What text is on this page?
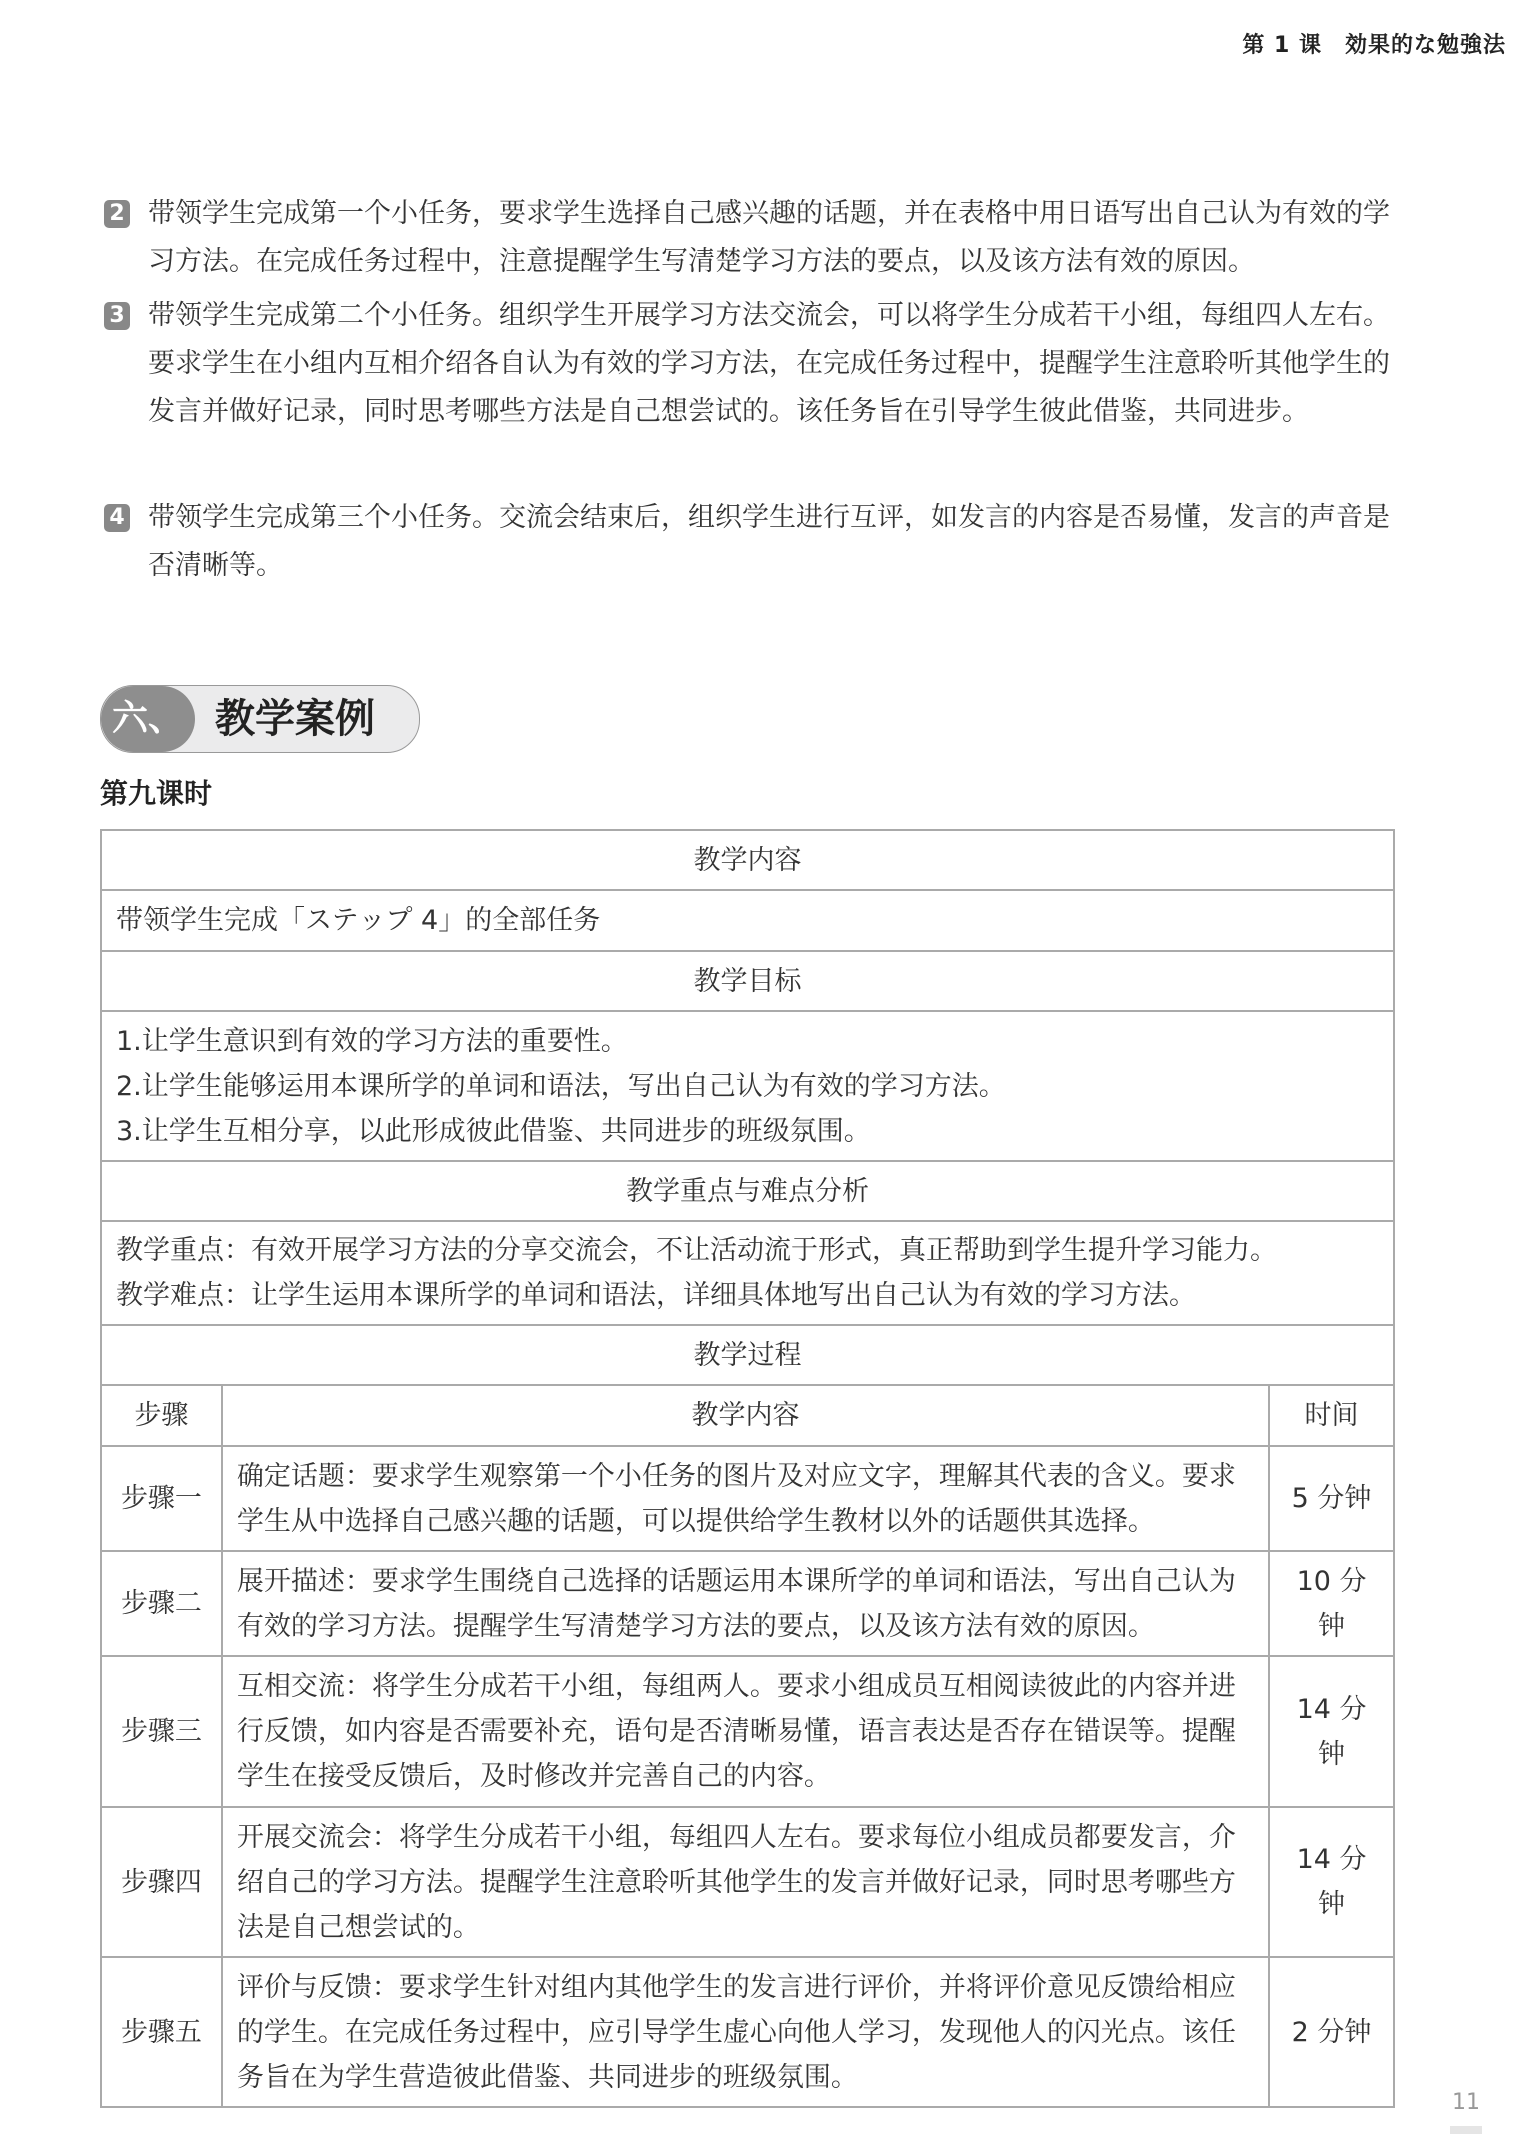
第 1 课　効果的な勉強法
2 带领学生完成第一个小任务，要求学生选择自己感兴趣的话题，并在表格中用日语写出自己认为有效的学习方法。在完成任务过程中，注意提醒学生写清楚学习方法的要点，以及该方法有效的原因。
3 带领学生完成第二个小任务。组织学生开展学习方法交流会，可以将学生分成若干小组，每组四人左右。要求学生在小组内互相介绍各自认为有效的学习方法，在完成任务过程中，提醒学生注意聆听其他学生的发言并做好记录，同时思考哪些方法是自己想尝试的。该任务旨在引导学生彼此借鉴，共同进步。
4 带领学生完成第三个小任务。交流会结束后，组织学生进行互评，如发言的内容是否易懂，发言的声音是否清晰等。
六、 教学案例
第九课时
教学内容		
带领学生完成「ステップ 4」的全部任务		
教学目标		

1.让学生意识到有效的学习方法的重要性。
2.让学生能够运用本课所学的单词和语法，写出自己认为有效的学习方法。
3.让学生互相分享，以此形成彼此借鉴、共同进步的班级氛围。		

教学重点与难点分析		

教学重点：有效开展学习方法的分享交流会，不让活动流于形式，真正帮助到学生提升学习能力。
教学难点：让学生运用本课所学的单词和语法，详细具体地写出自己认为有效的学习方法。		

教学过程		
步骤	教学内容	时间
步骤一	确定话题：要求学生观察第一个小任务的图片及对应文字，理解其代表的含义。要求学生从中选择自己感兴趣的话题，可以提供给学生教材以外的话题供其选择。	5 分钟
步骤二	展开描述：要求学生围绕自己选择的话题运用本课所学的单词和语法，写出自己认为有效的学习方法。提醒学生写清楚学习方法的要点，以及该方法有效的原因。	10 分钟
步骤三	互相交流：将学生分成若干小组，每组两人。要求小组成员互相阅读彼此的内容并进行反馈，如内容是否需要补充，语句是否清晰易懂，语言表达是否存在错误等。提醒学生在接受反馈后，及时修改并完善自己的内容。	14 分钟
步骤四	开展交流会：将学生分成若干小组，每组四人左右。要求每位小组成员都要发言，介绍自己的学习方法。提醒学生注意聆听其他学生的发言并做好记录，同时思考哪些方法是自己想尝试的。	14 分钟
步骤五	评价与反馈：要求学生针对组内其他学生的发言进行评价，并将评价意见反馈给相应的学生。在完成任务过程中，应引导学生虚心向他人学习，发现他人的闪光点。该任务旨在为学生营造彼此借鉴、共同进步的班级氛围。	2 分钟
11
